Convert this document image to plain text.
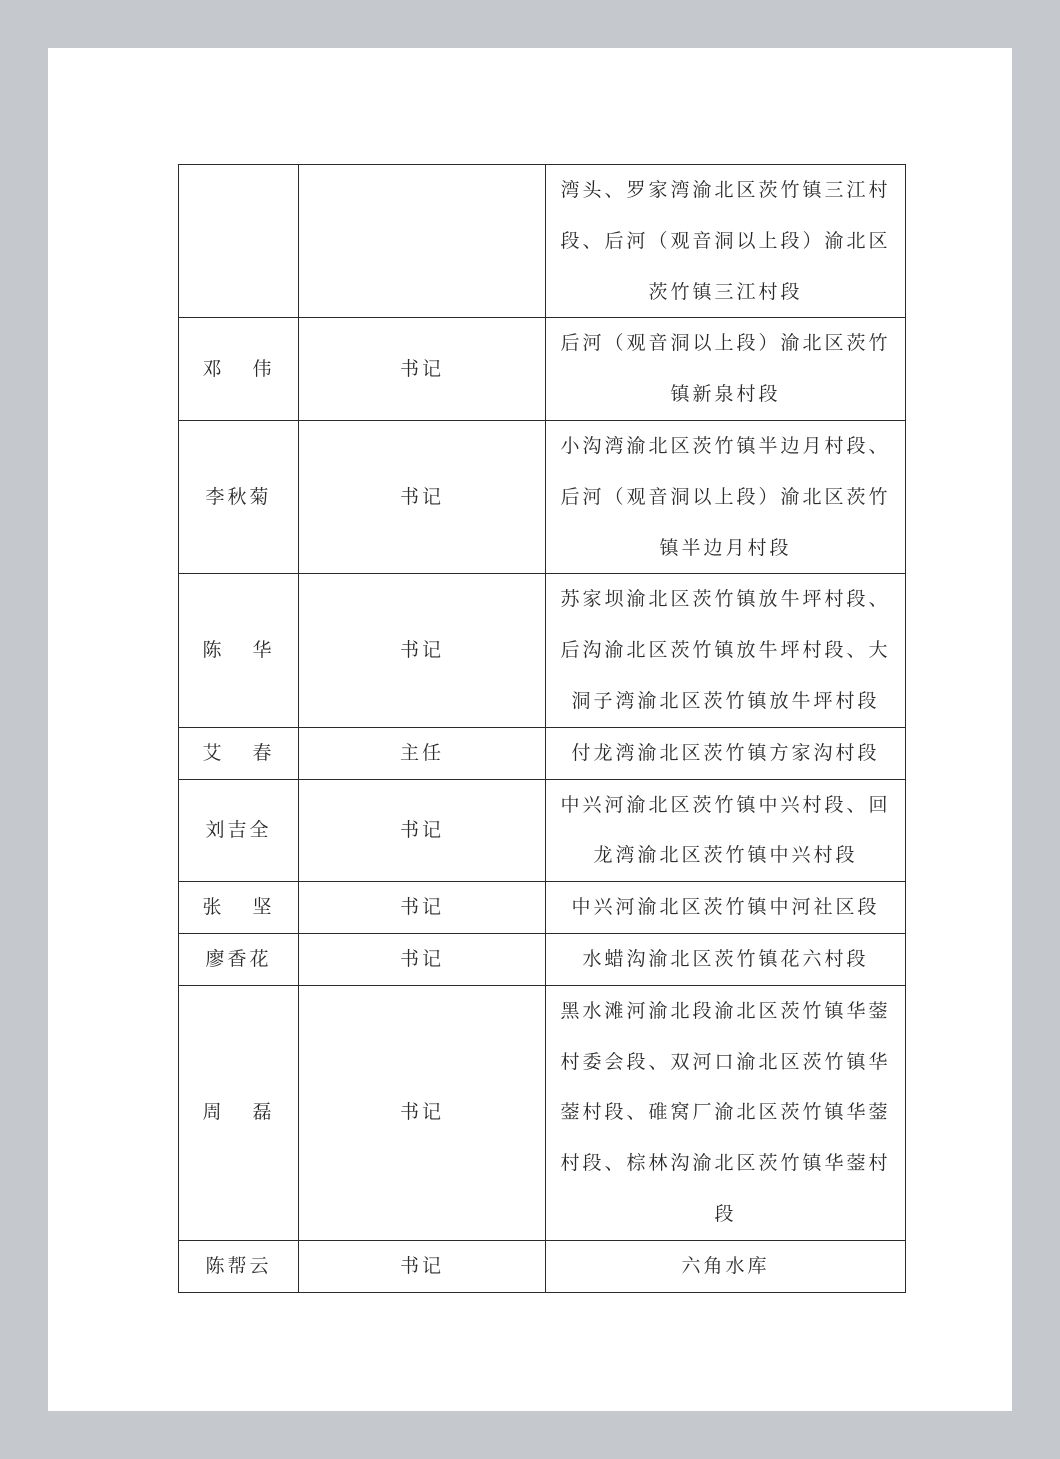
		湾头、罗家湾渝北区茨竹镇三江村
段、后河（观音洞以上段）渝北区
茨竹镇三江村段

邓 伟	书记	后河（观音洞以上段）渝北区茨竹
镇新泉村段

李秋菊	书记	小沟湾渝北区茨竹镇半边月村段、
后河（观音洞以上段）渝北区茨竹
镇半边月村段

陈 华	书记	苏家坝渝北区茨竹镇放牛坪村段、
后沟渝北区茨竹镇放牛坪村段、大
洞子湾渝北区茨竹镇放牛坪村段

艾 春	主任	付龙湾渝北区茨竹镇方家沟村段

刘吉全	书记	中兴河渝北区茨竹镇中兴村段、回
龙湾渝北区茨竹镇中兴村段

张 坚	书记	中兴河渝北区茨竹镇中河社区段

廖香花	书记	水蜡沟渝北区茨竹镇花六村段

周 磊	书记	黑水滩河渝北段渝北区茨竹镇华蓥
村委会段、双河口渝北区茨竹镇华
蓥村段、碓窝厂渝北区茨竹镇华蓥
村段、棕林沟渝北区茨竹镇华蓥村
段

陈帮云	书记	六角水库
